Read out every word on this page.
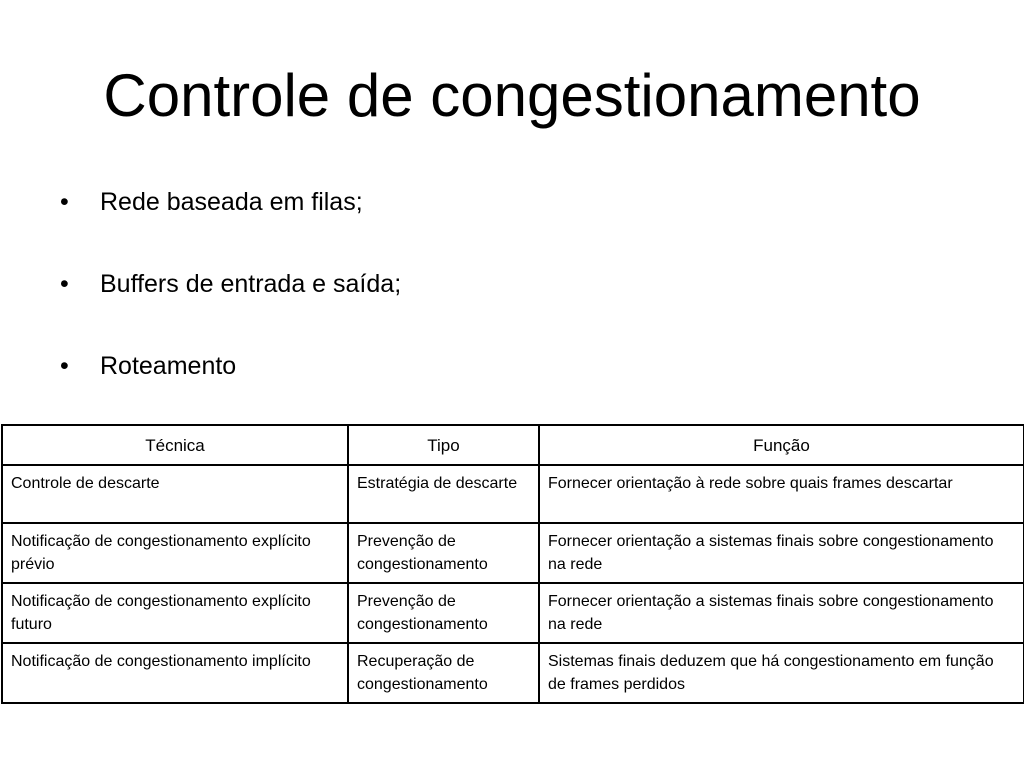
Controle de congestionamento
• Rede baseada em filas;
• Buffers de entrada e saída;
• Roteamento
Técnica	Tipo	Função
Controle de descarte	Estratégia de descarte	Fornecer orientação à rede sobre quais frames descartar
Notificação de congestionamento explícito prévio	Prevenção de congestionamento	Fornecer orientação a sistemas finais sobre congestionamento na rede
Notificação de congestionamento explícito futuro	Prevenção de congestionamento	Fornecer orientação a sistemas finais sobre congestionamento na rede
Notificação de congestionamento implícito	Recuperação de congestionamento	Sistemas finais deduzem que há congestionamento em função de frames perdidos
